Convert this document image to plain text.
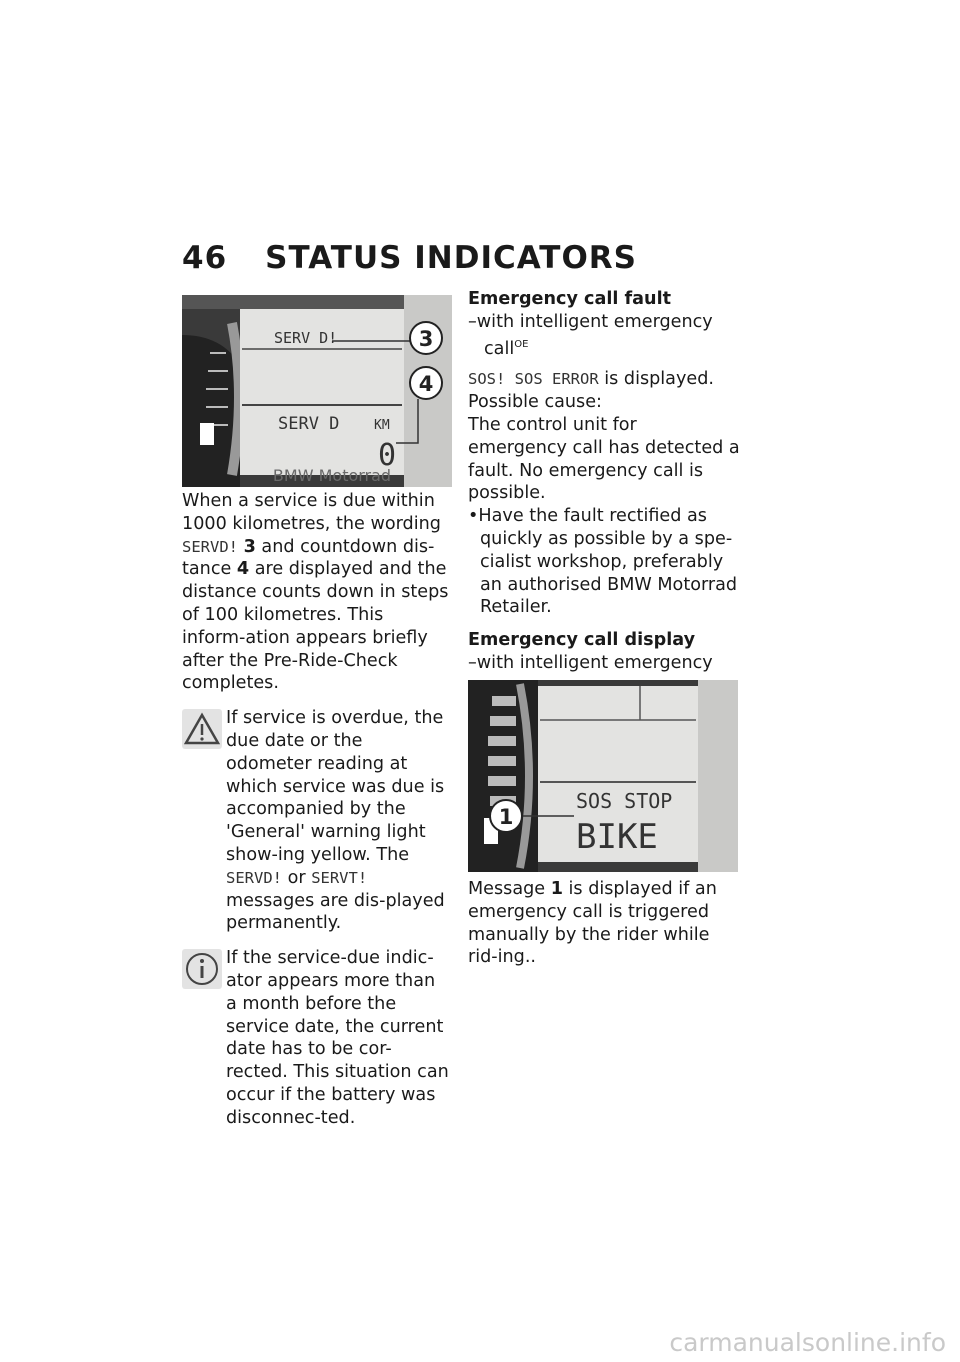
46 STATUS INDICATORS
SERV D!
SERV D	KM
0
3
4
BMW Motorrad

When a service is due within 1000 kilometres, the wording SERVD! 3 and countdown dis-tance 4 are displayed and the distance counts down in steps of 100 kilometres. This inform-ation appears briefly after the Pre-Ride-Check completes.

If service is overdue, the due date or the odometer reading at which service was due is accompanied by the 'General' warning light show-ing yellow. The SERVD! or SERVT! messages are dis-played permanently.

If the service-due indic-ator appears more than a month before the service date, the current date has to be cor-rected. This situation can occur if the battery was disconnec-ted.

Emergency call fault

–with intelligent emergency
call$^{OE}$

SOS! SOS ERROR is displayed.

Possible cause:

The control unit for emergency call has detected a fault. No emergency call is possible.

•Have the fault rectified as quickly as possible by a spe-cialist workshop, preferably an authorised BMW Motorrad Retailer.

Emergency call display

–with intelligent emergency

SOS STOP
BIKE
1

Message 1 is displayed if an emergency call is triggered manually by the rider while rid-ing..

carmanualsonline.info
